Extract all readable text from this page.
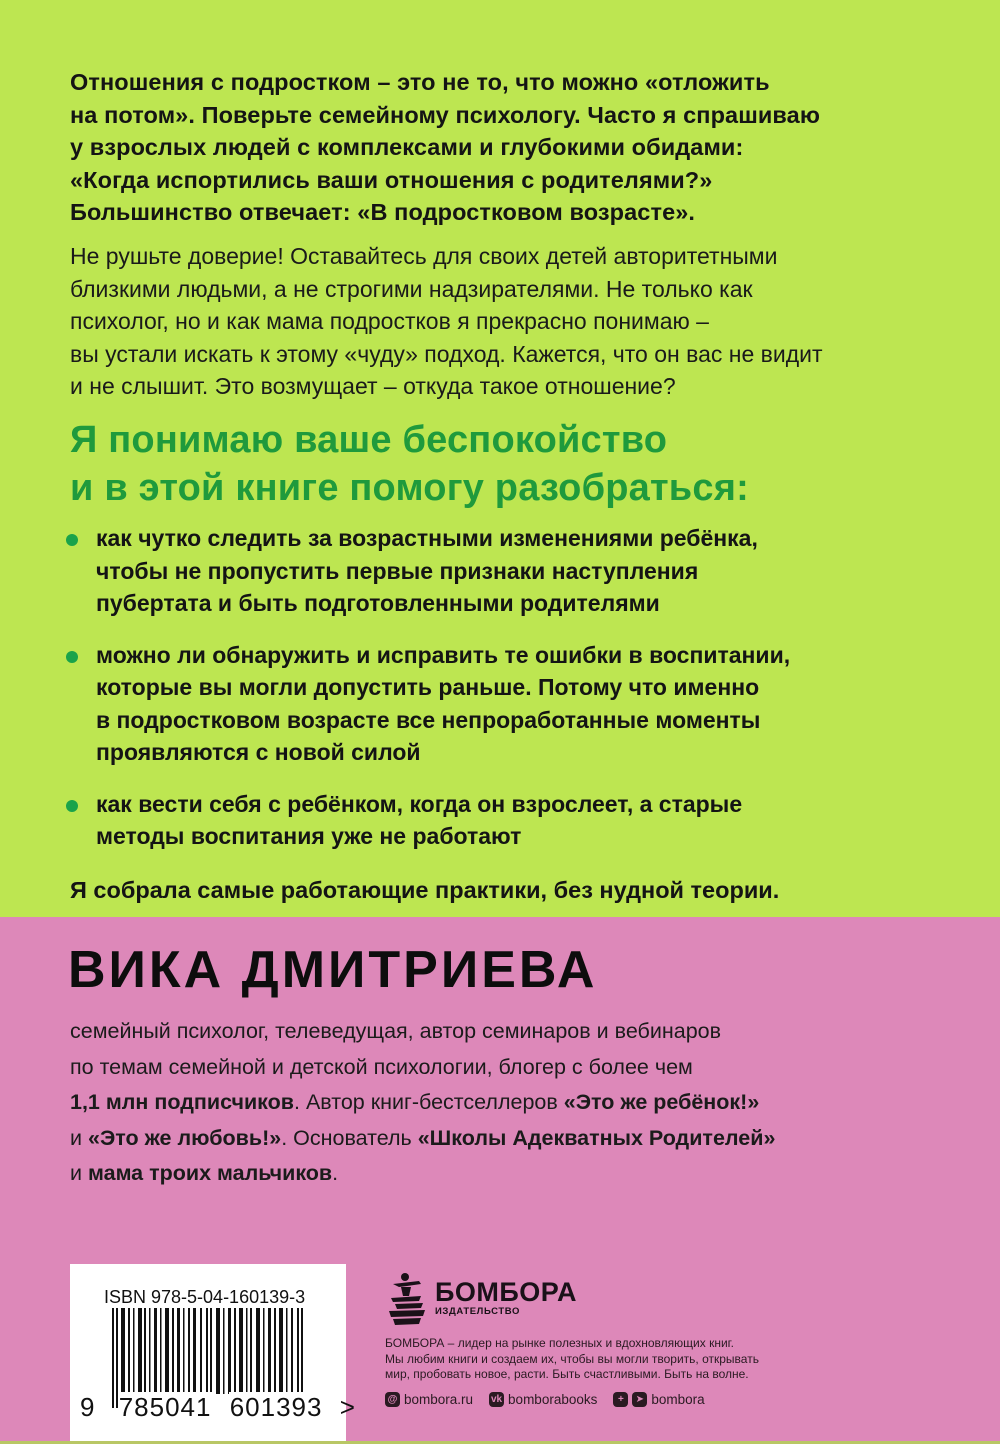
Отношения с подростком – это не то, что можно «отложить

на потом». Поверьте семейному психологу. Часто я спрашиваю

у взрослых людей с комплексами и глубокими обидами:

«Когда испортились ваши отношения с родителями?»

Большинство отвечает: «В подростковом возрасте».

Не рушьте доверие! Оставайтесь для своих детей авторитетными

близкими людьми, а не строгими надзирателями. Не только как

психолог, но и как мама подростков я прекрасно понимаю –

вы устали искать к этому «чуду» подход. Кажется, что он вас не видит

и не слышит. Это возмущает – откуда такое отношение?

Я понимаю ваше беспокойство

и в этой книге помогу разобраться:

как чутко следить за возрастными изменениями ребёнка,

чтобы не пропустить первые признаки наступления

пубертата и быть подготовленными родителями

можно ли обнаружить и исправить те ошибки в воспитании,

которые вы могли допустить раньше. Потому что именно

в подростковом возрасте все непроработанные моменты

проявляются с новой силой

как вести себя с ребёнком, когда он взрослеет, а старые

методы воспитания уже не работают

Я собрала самые работающие практики, без нудной теории.
ВИКА ДМИТРИЕВА

семейный психолог, телеведущая, автор семинаров и вебинаров

по темам семейной и детской психологии, блогер с более чем

1,1 млн подписчиков. Автор книг-бестселлеров «Это же ребёнок!»

и «Это же любовь!». Основатель «Школы Адекватных Родителей»

и мама троих мальчиков.

ISBN 978-5-04-160139-3
9 785041 601393 >
БОМБОРА
ИЗДАТЕЛЬСТВО

БОМБОРА – лидер на рынке полезных и вдохновляющих книг.

Мы любим книги и создаем их, чтобы вы могли творить, открывать

мир, пробовать новое, расти. Быть счастливыми. Быть на волне.

@ bombora.ru vk bomborabooks	+	➤ bombora
